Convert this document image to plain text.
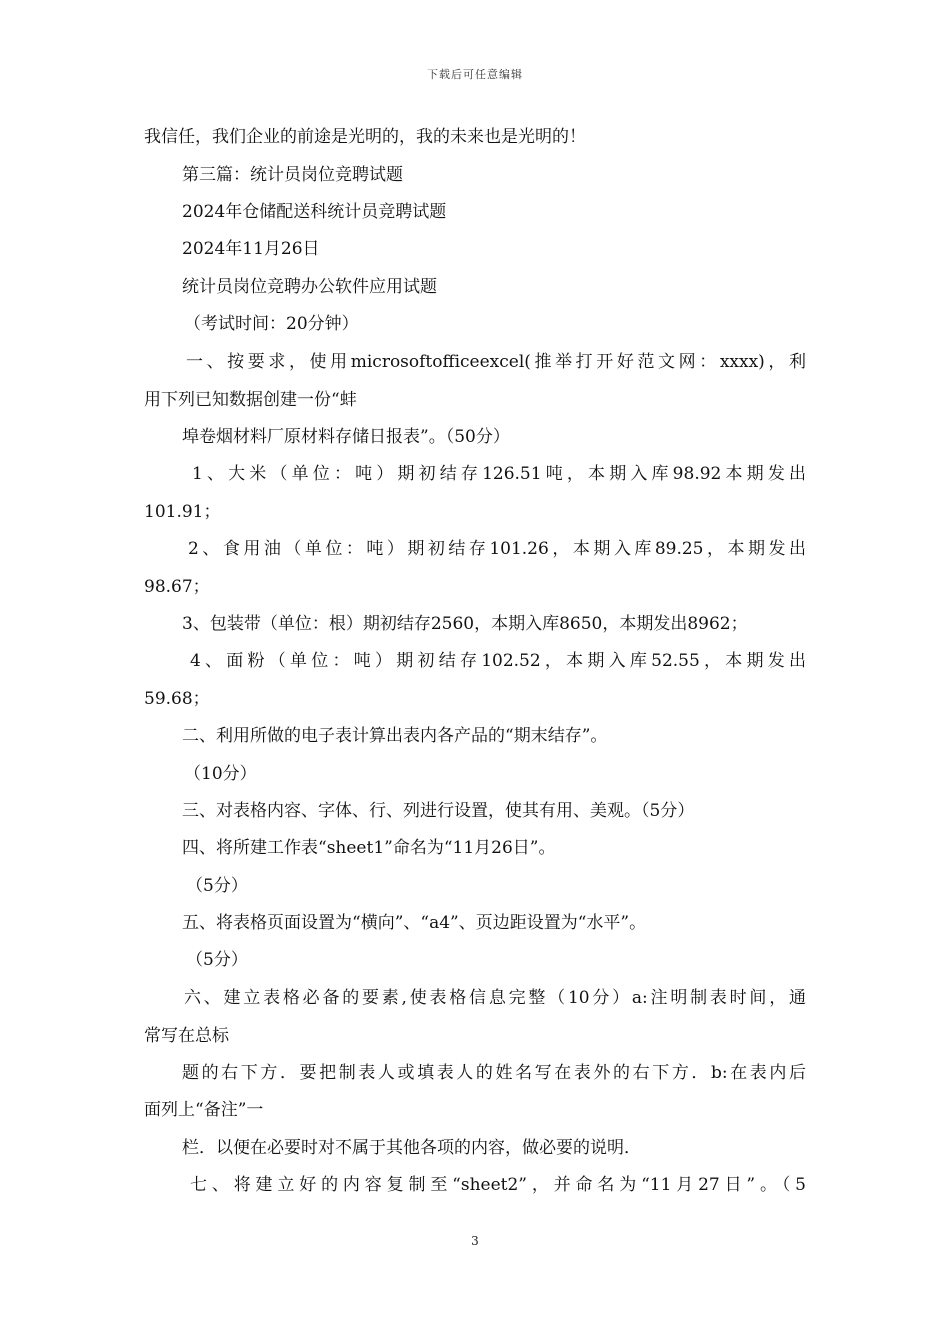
下载后可任意编辑
我信任，我们企业的前途是光明的，我的未来也是光明的！
第三篇：统计员岗位竞聘试题
2024年仓储配送科统计员竞聘试题
2024年11月26日
统计员岗位竞聘办公软件应用试题
（考试时间：20分钟）
一、按要求，使用microsoftofficeexcel(推举打开好范文网：xxxx)，利
用下列已知数据创建一份“蚌
埠卷烟材料厂原材料存储日报表”。（50分）
1、大米（单位：吨）期初结存126.51吨，本期入库98.92本期发出
101.91；
2、食用油（单位：吨）期初结存101.26，本期入库89.25，本期发出
98.67；
3、包装带（单位：根）期初结存2560，本期入库8650，本期发出8962；
4、面粉（单位：吨）期初结存102.52，本期入库52.55，本期发出
59.68；
二、利用所做的电子表计算出表内各产品的“期末结存”。
（10分）
三、对表格内容、字体、行、列进行设置，使其有用、美观。（5分）
四、将所建工作表“sheet1”命名为“11月26日”。
（5分）
五、将表格页面设置为“横向”、“a4”、页边距设置为“水平”。
（5分）
六、建立表格必备的要素,使表格信息完整（10分）a:注明制表时间，通
常写在总标
题的右下方．要把制表人或填表人的姓名写在表外的右下方．b:在表内后
面列上“备注”一
栏．以便在必要时对不属于其他各项的内容，做必要的说明．
七、将建立好的内容复制至“sheet2”，并命名为“11月27日”。（5
3
